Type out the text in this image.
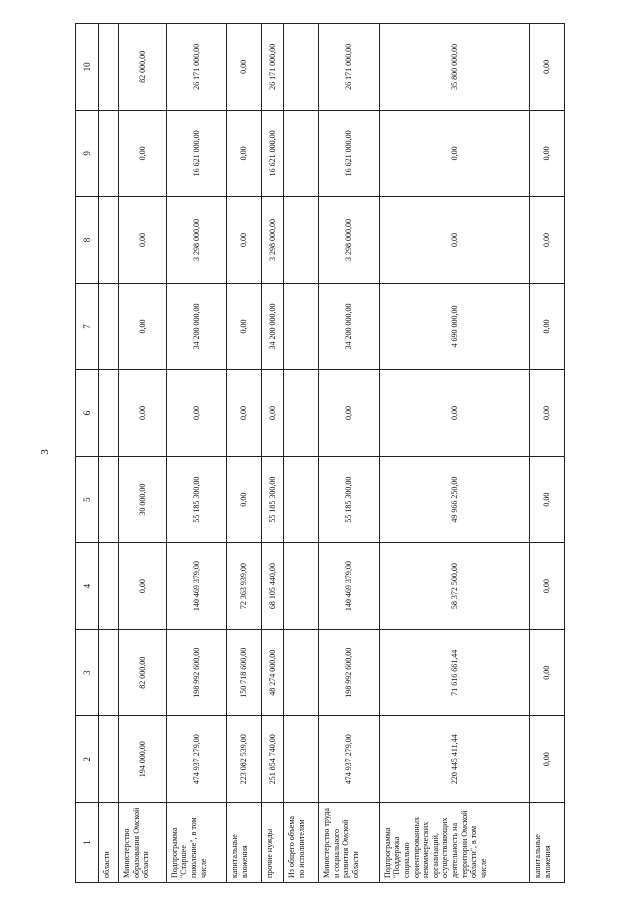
3
1	2	3	4	5	6	7	8	9	10
области									
Министерство образования Омской области	194 000,00	82 000,00	0,00	30 000,00	0,00	0,00	0,00	0,00	82 000,00
Подпрограмма "Старшее поколение", в том числе	474 937 279,00	198 992 600,00	140 469 379,00	55 185 300,00	0,00	34 200 000,00	3 298 000,00	16 621 000,00	26 171 000,00
капитальные вложения	223 082 539,00	150 718 600,00	72 363 939,00	0,00	0,00	0,00	0,00	0,00	0,00
прочие нужды	251 854 740,00	48 274 000,00	68 105 440,00	55 185 300,00	0,00	34 200 000,00	3 298 000,00	16 621 000,00	26 171 000,00
Из общего объема по исполнителям									
Министерство труда и социального развития Омской области	474 937 279,00	198 992 600,00	140 469 379,00	55 185 300,00	0,00	34 200 000,00	3 298 000,00	16 621 000,00	26 171 000,00
Подпрограмма "Поддержка социально ориентированных некоммерческих организаций, осуществляющих деятельность на территории Омской области", в том числе	220 445 411,44	71 616 661,44	58 372 500,00	49 966 250,00	0,00	4 690 000,00	0,00	0,00	35 800 000,00
капитальные вложения	0,00	0,00	0,00	0,00	0,00	0,00	0,00	0,00	0,00
